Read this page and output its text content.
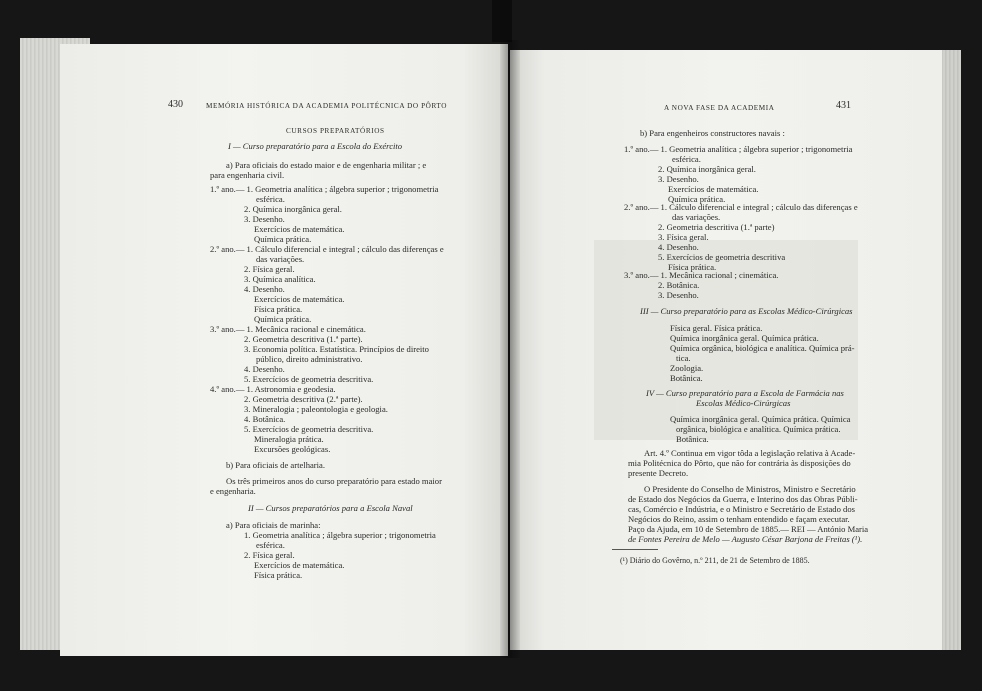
430	MEMÓRIA HISTÓRICA DA ACADEMIA POLITÉCNICA DO PÔRTO
CURSOS PREPARATÓRIOS
I — Curso preparatório para a Escola do Exército
a) Para oficiais do estado maior e de engenharia militar ; e
para engenharia civil.
1.º ano.— 1. Geometria analítica ; álgebra superior ; trigonometria
esférica.
2. Química inorgânica geral.
3. Desenho.
Exercícios de matemática.
Química prática.
2.º ano.— 1. Cálculo diferencial e integral ; cálculo das diferenças e
das variações.
2. Física geral.
3. Química analítica.
4. Desenho.
Exercícios de matemática.
Física prática.
Química prática.
3.º ano.— 1. Mecânica racional e cinemática.
2. Geometria descritiva (1.ª parte).
3. Economia política. Estatística. Princípios de direito
público, direito administrativo.
4. Desenho.
5. Exercícios de geometria descritiva.
4.º ano.— 1. Astronomia e geodesia.
2. Geometria descritiva (2.ª parte).
3. Mineralogia ; paleontologia e geologia.
4. Botânica.
5. Exercícios de geometria descritiva.
Mineralogia prática.
Excursões geológicas.
b) Para oficiais de artelharia.
Os três primeiros anos do curso preparatório para estado maior
e engenharia.
II — Cursos preparatórios para a Escola Naval
a) Para oficiais de marinha:
1. Geometria analítica ; álgebra superior ; trigonometria
esférica.
2. Física geral.
Exercícios de matemática.
Física prática.
A NOVA FASE DA ACADEMIA	431
b) Para engenheiros constructores navais :
1.º ano.— 1. Geometria analítica ; álgebra superior ; trigonometria
esférica.
2. Química inorgânica geral.
3. Desenho.
Exercícios de matemática.
Química prática.
2.º ano.— 1. Cálculo diferencial e integral ; cálculo das diferenças e
das variações.
2. Geometria descritiva (1.ª parte)
3. Física geral.
4. Desenho.
5. Exercícios de geometria descritiva
Física prática.
3.º ano.— 1. Mecânica racional ; cinemática.
2. Botânica.
3. Desenho.
III — Curso preparatório para as Escolas Médico-Cirúrgicas
Física geral. Física prática.
Química inorgânica geral. Química prática.
Química orgânica, biológica e analítica. Química prá-
tica.
Zoologia.
Botânica.
IV — Curso preparatório para a Escola de Farmácia nas
Escolas Médico-Cirúrgicas
Química inorgânica geral. Química prática. Química
orgânica, biológica e analítica. Química prática.
Botânica.
Art. 4.º Continua em vigor tôda a legislação relativa à Acade-
mia Politécnica do Pôrto, que não for contrária às disposições do
presente Decreto.
O Presidente do Conselho de Ministros, Ministro e Secretário
de Estado dos Negócios da Guerra, e Interino dos das Obras Públi-
cas, Comércio e Indústria, e o Ministro e Secretário de Estado dos
Negócios do Reino, assim o tenham entendido e façam executar.
Paço da Ajuda, em 10 de Setembro de 1885.— REI — António Maria
de Fontes Pereira de Melo — Augusto César Barjona de Freitas (¹).
(¹) Diário do Govêrno, n.º 211, de 21 de Setembro de 1885.
